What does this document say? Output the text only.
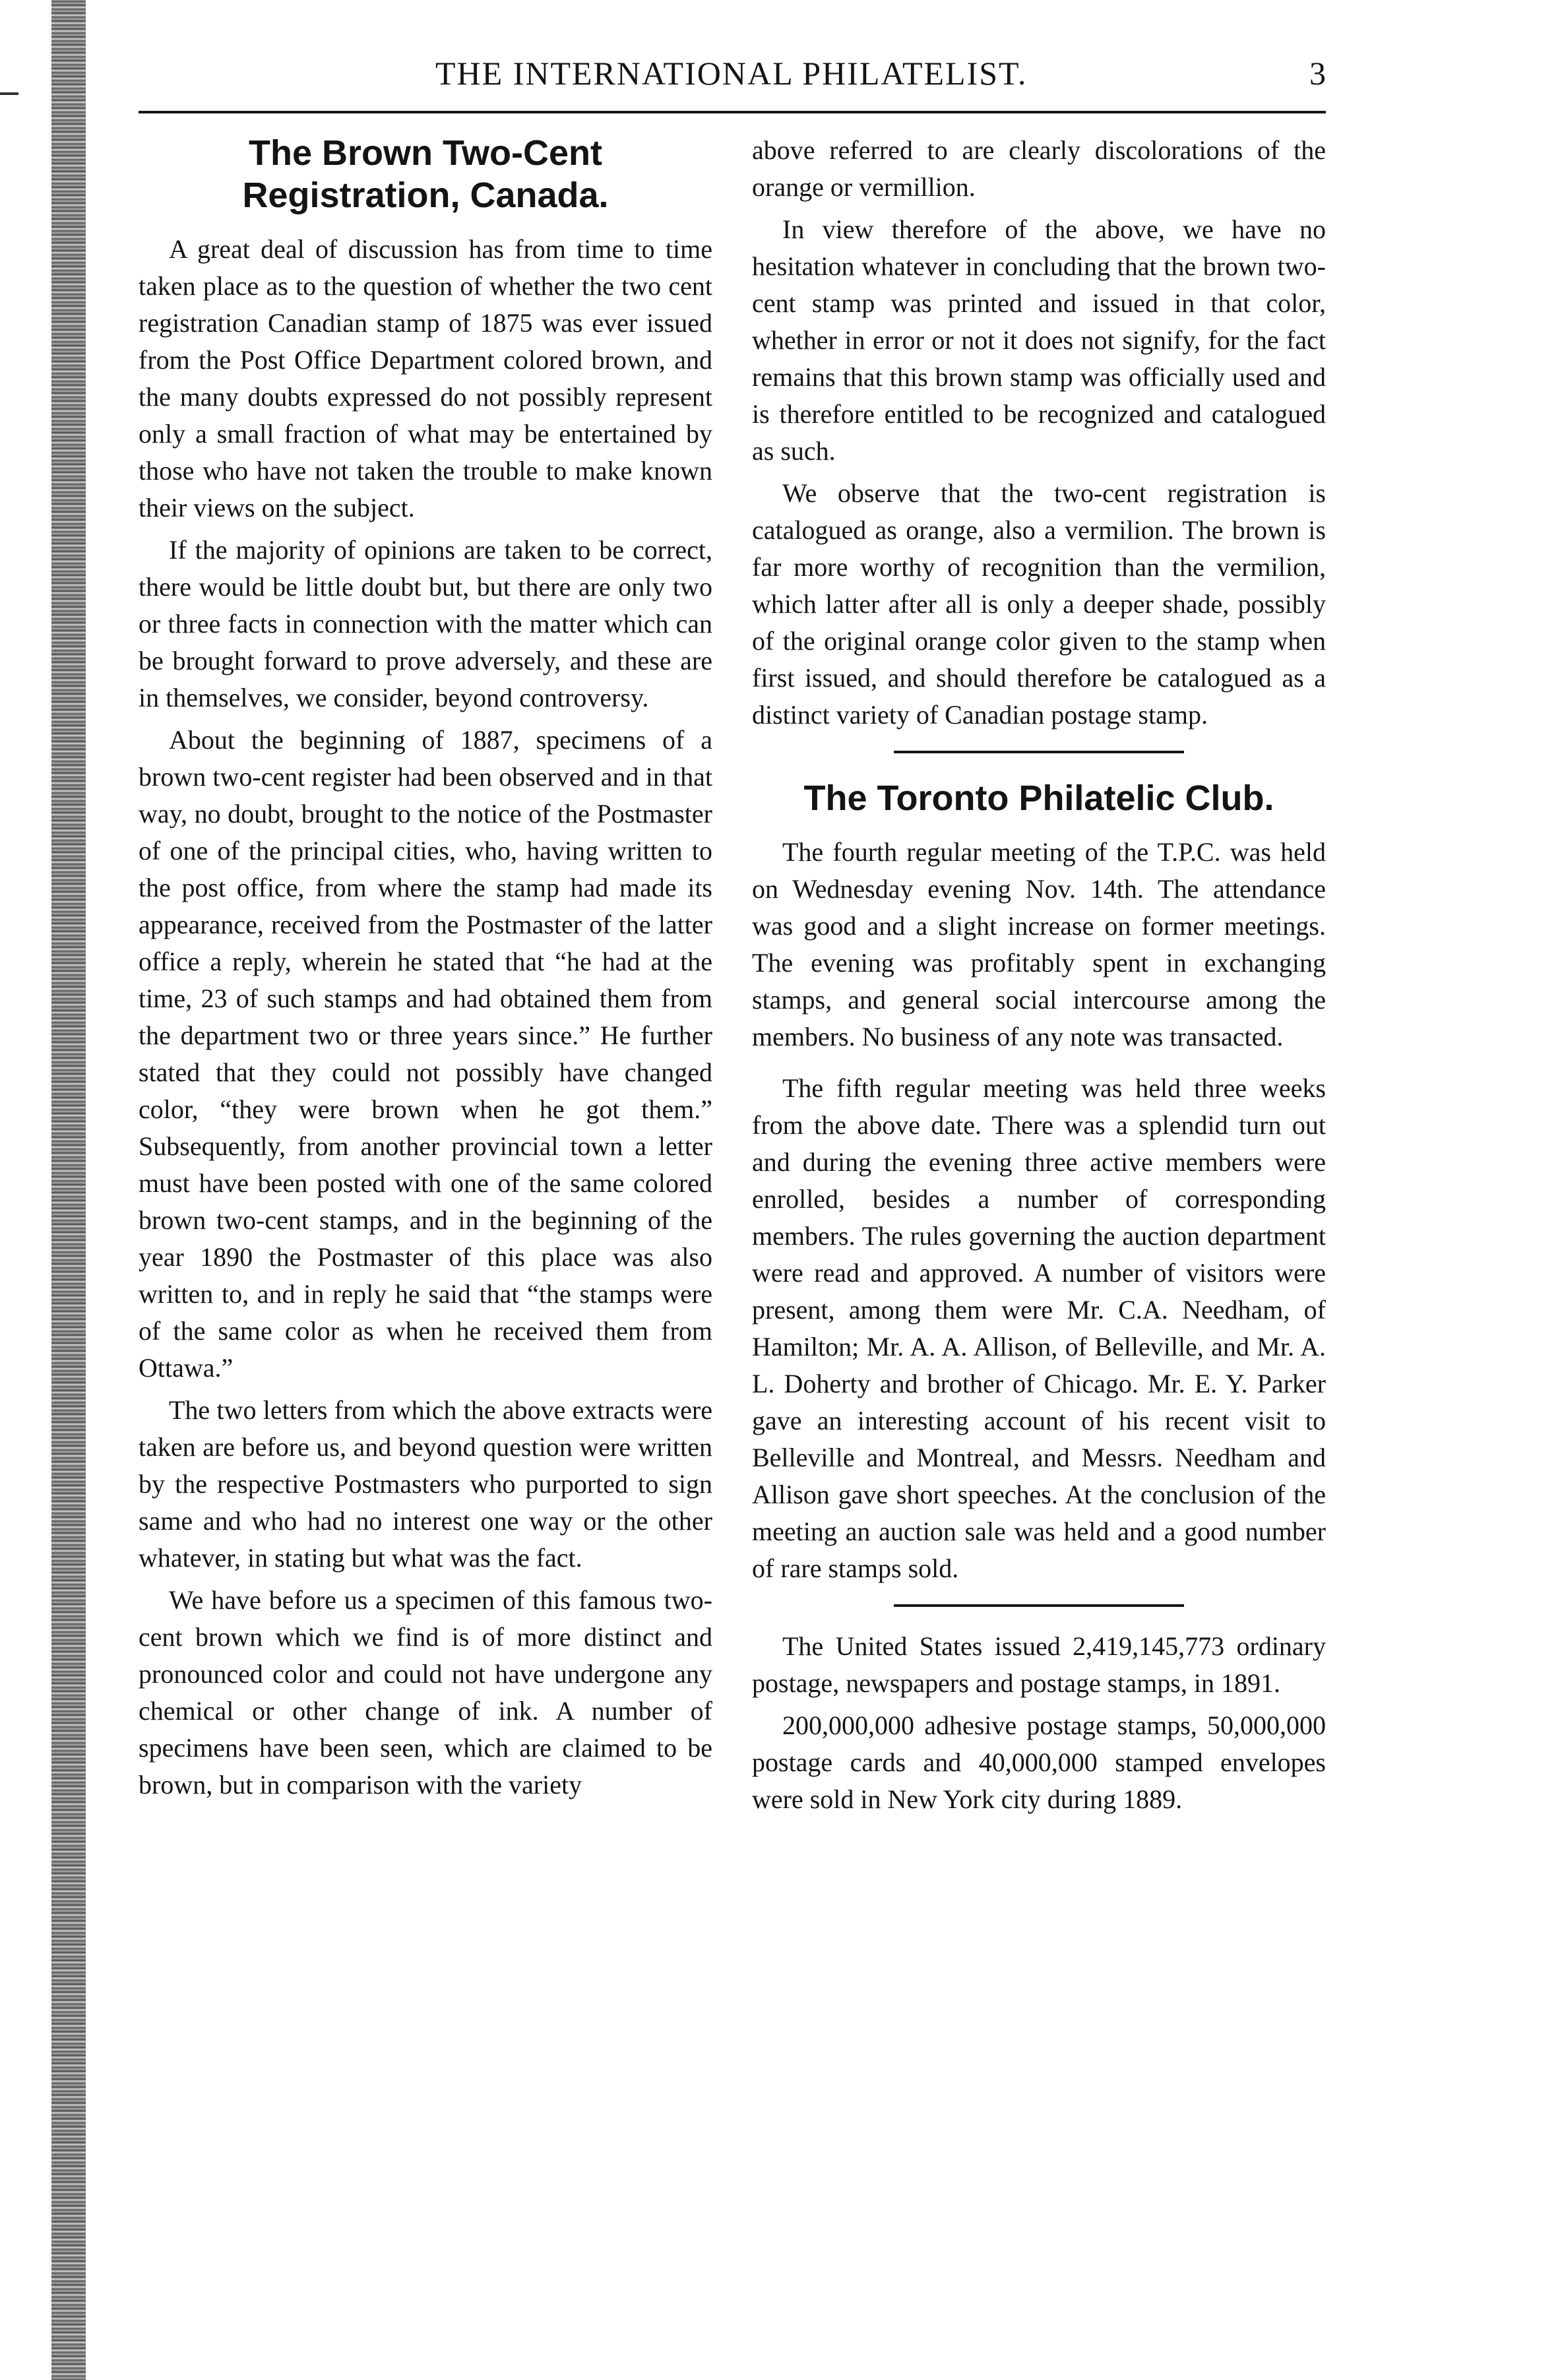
THE INTERNATIONAL PHILATELIST.	3
The Brown Two-Cent Registration, Canada.

A great deal of discussion has from time to time taken place as to the question of whether the two cent registration Canadian stamp of 1875 was ever issued from the Post Office Department colored brown, and the many doubts expressed do not possibly represent only a small fraction of what may be entertained by those who have not taken the trouble to make known their views on the subject.

If the majority of opinions are taken to be correct, there would be little doubt but, but there are only two or three facts in connection with the matter which can be brought forward to prove adversely, and these are in themselves, we consider, beyond controversy.

About the beginning of 1887, specimens of a brown two-cent register had been observed and in that way, no doubt, brought to the notice of the Postmaster of one of the principal cities, who, having written to the post office, from where the stamp had made its appearance, received from the Postmaster of the latter office a reply, wherein he stated that “he had at the time, 23 of such stamps and had obtained them from the department two or three years since.” He further stated that they could not possibly have changed color, “they were brown when he got them.” Subsequently, from another provincial town a letter must have been posted with one of the same colored brown two-cent stamps, and in the beginning of the year 1890 the Postmaster of this place was also written to, and in reply he said that “the stamps were of the same color as when he received them from Ottawa.”

The two letters from which the above extracts were taken are before us, and beyond question were written by the respective Postmasters who purported to sign same and who had no interest one way or the other whatever, in stating but what was the fact.

We have before us a specimen of this famous two-cent brown which we find is of more distinct and pronounced color and could not have undergone any chemical or other change of ink. A number of specimens have been seen, which are claimed to be brown, but in comparison with the variety

above referred to are clearly discolorations of the orange or vermillion.

In view therefore of the above, we have no hesitation whatever in concluding that the brown two-cent stamp was printed and issued in that color, whether in error or not it does not signify, for the fact remains that this brown stamp was officially used and is therefore entitled to be recognized and catalogued as such.

We observe that the two-cent registration is catalogued as orange, also a vermilion. The brown is far more worthy of recognition than the vermilion, which latter after all is only a deeper shade, possibly of the original orange color given to the stamp when first issued, and should therefore be catalogued as a distinct variety of Canadian postage stamp.

The Toronto Philatelic Club.

The fourth regular meeting of the T.P.C. was held on Wednesday evening Nov. 14th. The attendance was good and a slight increase on former meetings. The evening was profitably spent in exchanging stamps, and general social intercourse among the members. No business of any note was transacted.

The fifth regular meeting was held three weeks from the above date. There was a splendid turn out and during the evening three active members were enrolled, besides a number of corresponding members. The rules governing the auction department were read and approved. A number of visitors were present, among them were Mr. C.A. Needham, of Hamilton; Mr. A. A. Allison, of Belleville, and Mr. A. L. Doherty and brother of Chicago. Mr. E. Y. Parker gave an interesting account of his recent visit to Belleville and Montreal, and Messrs. Needham and Allison gave short speeches. At the conclusion of the meeting an auction sale was held and a good number of rare stamps sold.

The United States issued 2,419,145,773 ordinary postage, newspapers and postage stamps, in 1891.

200,000,000 adhesive postage stamps, 50,000,000 postage cards and 40,000,000 stamped envelopes were sold in New York city during 1889.
